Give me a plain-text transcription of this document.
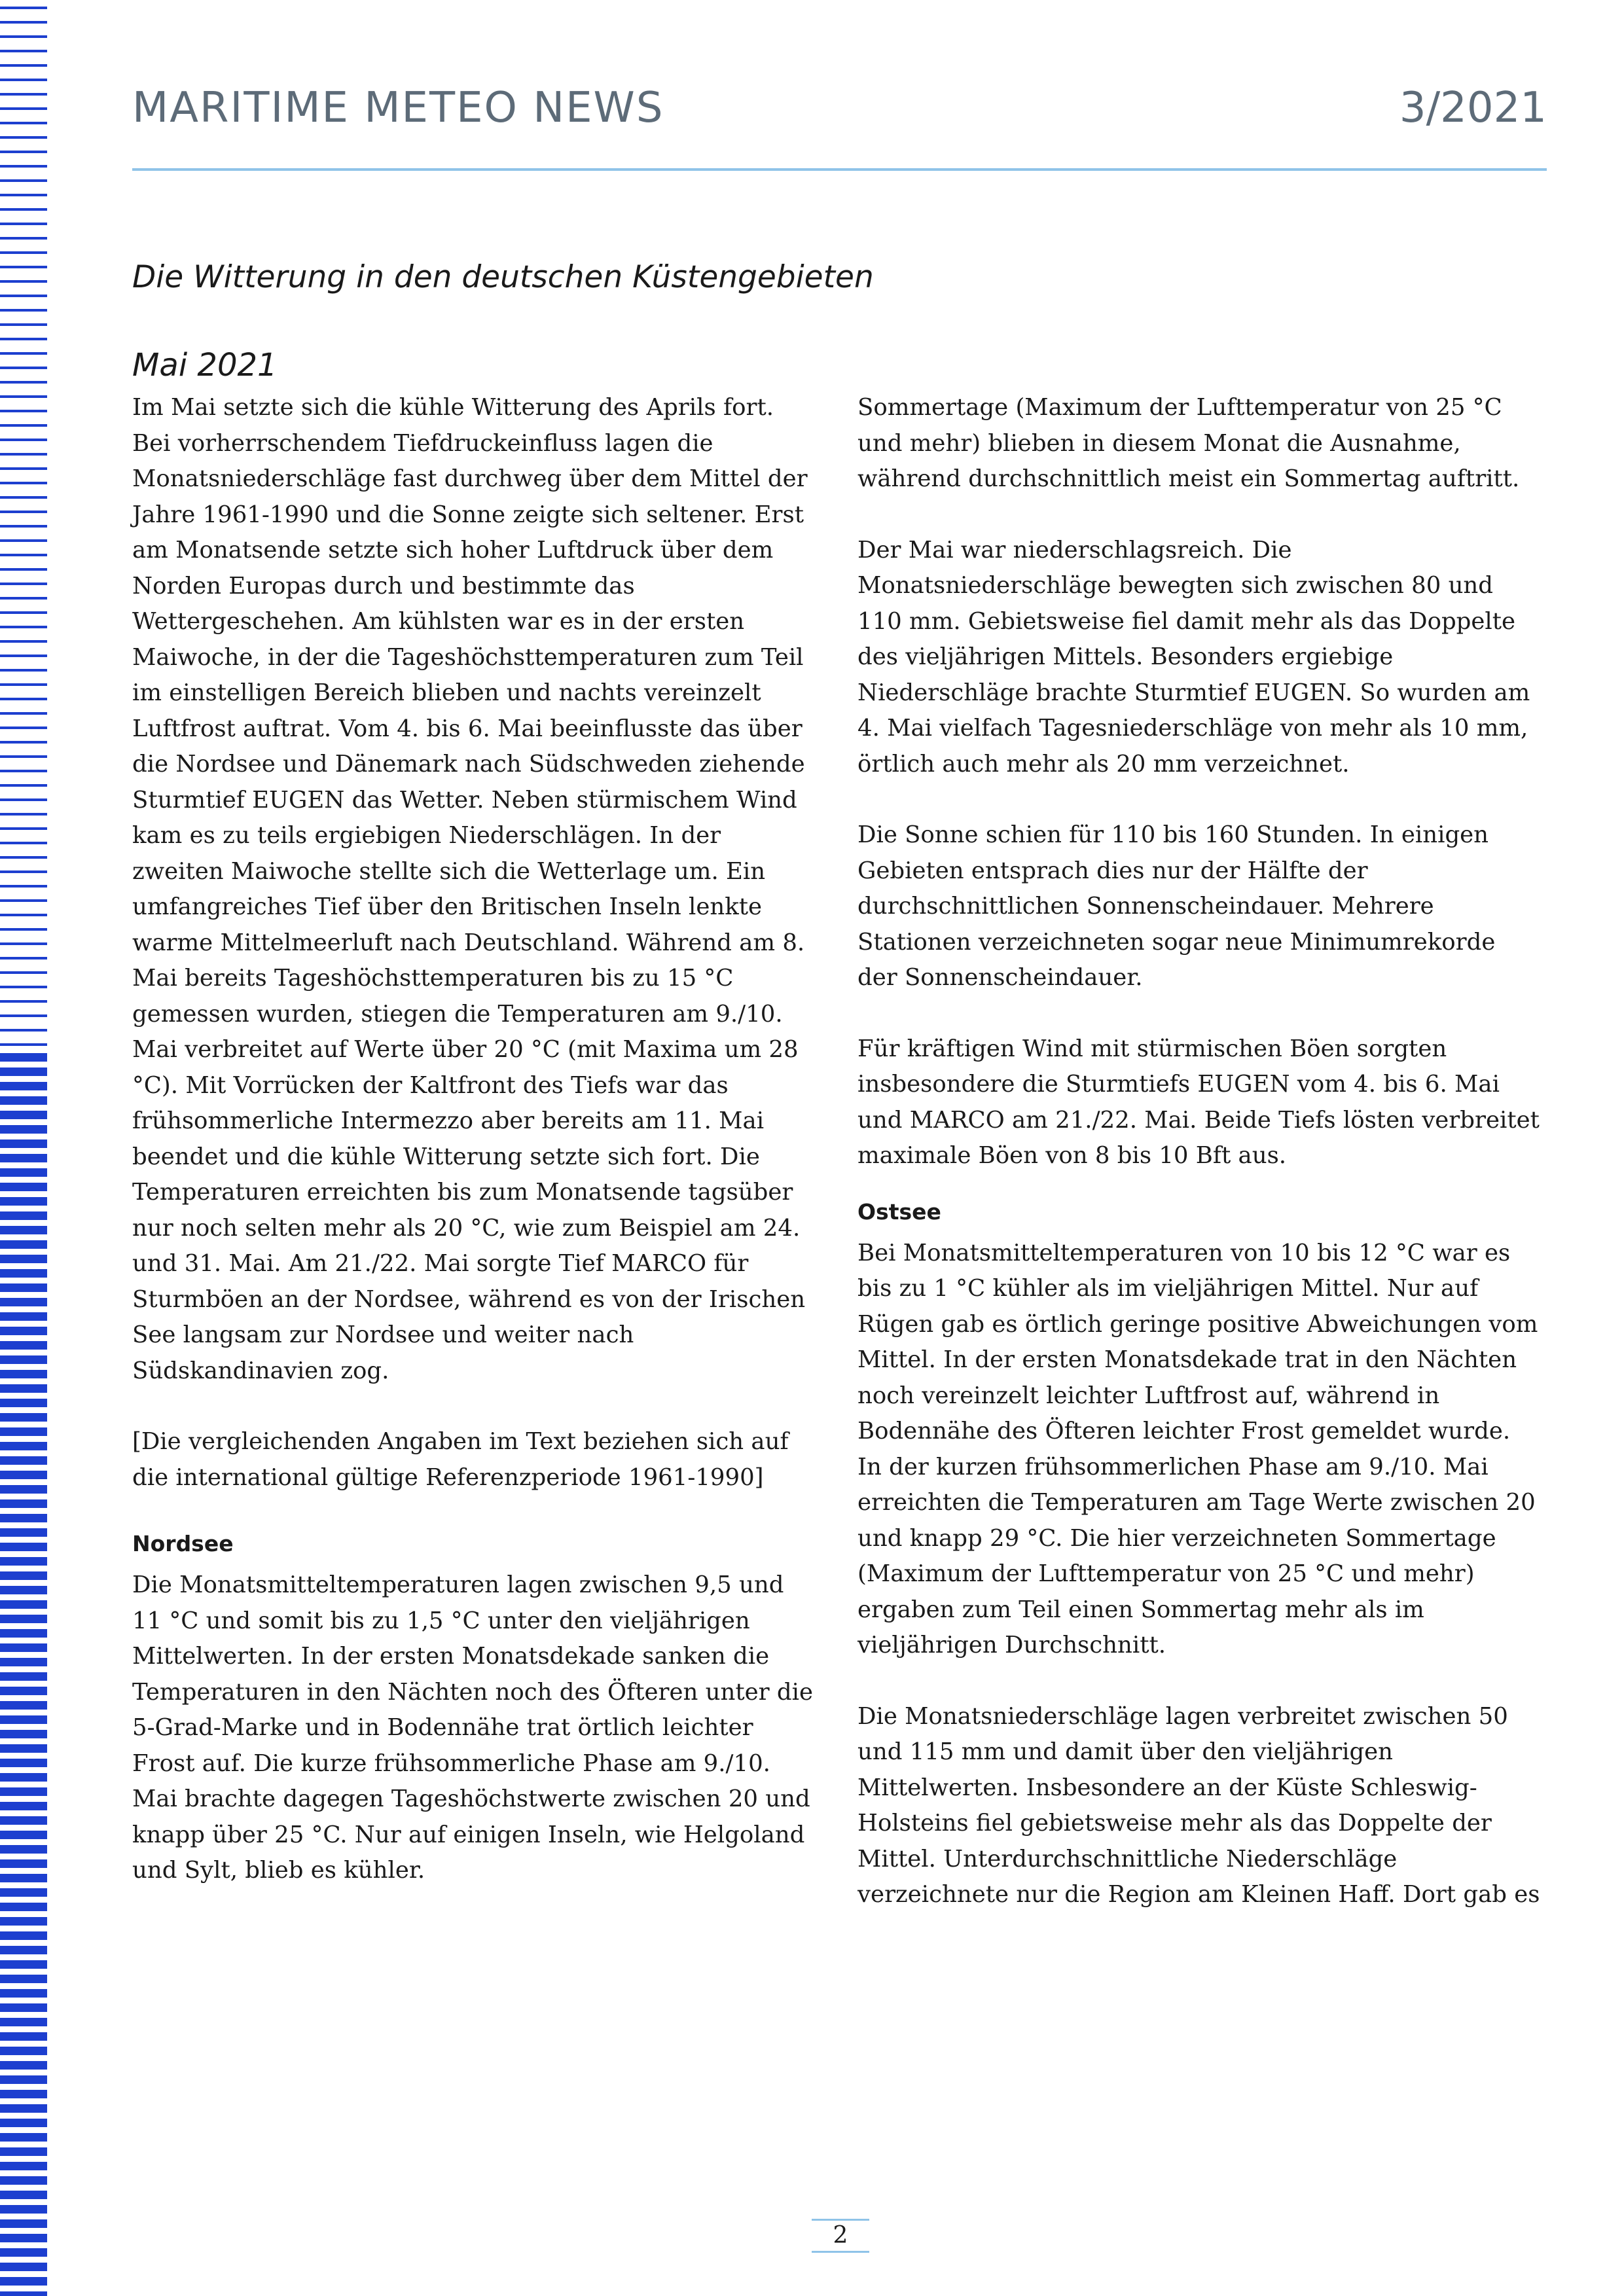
MARITIME METEO NEWS	3/2021
Die Witterung in den deutschen Küstengebieten
Mai 2021

Im Mai setzte sich die kühle Witterung des Aprils fort. Bei vorherrschendem Tiefdruckeinfluss lagen die Monatsniederschläge fast durchweg über dem Mittel der Jahre 1961-1990 und die Sonne zeigte sich seltener. Erst am Monatsende setzte sich hoher Luftdruck über dem Norden Europas durch und bestimmte das Wettergeschehen. Am kühlsten war es in der ersten Maiwoche, in der die Tageshöchsttemperaturen zum Teil im einstelligen Bereich blieben und nachts vereinzelt Luftfrost auftrat. Vom 4. bis 6. Mai beeinflusste das über die Nordsee und Dänemark nach Südschweden ziehende Sturmtief EUGEN das Wetter. Neben stürmischem Wind kam es zu teils ergiebigen Niederschlägen. In der zweiten Maiwoche stellte sich die Wetterlage um. Ein umfangreiches Tief über den Britischen Inseln lenkte warme Mittelmeerluft nach Deutschland. Während am 8. Mai bereits Tageshöchsttemperaturen bis zu 15 °C gemessen wurden, stiegen die Temperaturen am 9./10. Mai verbreitet auf Werte über 20 °C (mit Maxima um 28 °C). Mit Vorrücken der Kaltfront des Tiefs war das frühsommerliche Intermezzo aber bereits am 11. Mai beendet und die kühle Witterung setzte sich fort. Die Temperaturen erreichten bis zum Monatsende tagsüber nur noch selten mehr als 20 °C, wie zum Beispiel am 24. und 31. Mai. Am 21./22. Mai sorgte Tief MARCO für Sturmböen an der Nordsee, während es von der Irischen See langsam zur Nordsee und weiter nach Südskandinavien zog.

[Die vergleichenden Angaben im Text beziehen sich auf die international gültige Referenzperiode 1961-1990]

Nordsee

Die Monatsmitteltemperaturen lagen zwischen 9,5 und 11 °C und somit bis zu 1,5 °C unter den vieljährigen Mittelwerten. In der ersten Monatsdekade sanken die Temperaturen in den Nächten noch des Öfteren unter die 5-Grad-Marke und in Bodennähe trat örtlich leichter Frost auf. Die kurze frühsommerliche Phase am 9./10. Mai brachte dagegen Tageshöchstwerte zwischen 20 und knapp über 25 °C. Nur auf einigen Inseln, wie Helgoland und Sylt, blieb es kühler.

Sommertage (Maximum der Lufttemperatur von 25 °C und mehr) blieben in diesem Monat die Ausnahme, während durchschnittlich meist ein Sommertag auftritt.

Der Mai war niederschlagsreich. Die Monatsniederschläge bewegten sich zwischen 80 und 110 mm. Gebietsweise fiel damit mehr als das Doppelte des vieljährigen Mittels. Besonders ergiebige Niederschläge brachte Sturmtief EUGEN. So wurden am 4. Mai vielfach Tagesniederschläge von mehr als 10 mm, örtlich auch mehr als 20 mm verzeichnet.

Die Sonne schien für 110 bis 160 Stunden. In einigen Gebieten entsprach dies nur der Hälfte der durchschnittlichen Sonnenscheindauer. Mehrere Stationen verzeichneten sogar neue Minimumrekorde der Sonnenscheindauer.

Für kräftigen Wind mit stürmischen Böen sorgten insbesondere die Sturmtiefs EUGEN vom 4. bis 6. Mai und MARCO am 21./22. Mai. Beide Tiefs lösten verbreitet maximale Böen von 8 bis 10 Bft aus.

Ostsee

Bei Monatsmitteltemperaturen von 10 bis 12 °C war es bis zu 1 °C kühler als im vieljährigen Mittel. Nur auf Rügen gab es örtlich geringe positive Abweichungen vom Mittel. In der ersten Monatsdekade trat in den Nächten noch vereinzelt leichter Luftfrost auf, während in Bodennähe des Öfteren leichter Frost gemeldet wurde. In der kurzen frühsommerlichen Phase am 9./10. Mai erreichten die Temperaturen am Tage Werte zwischen 20 und knapp 29 °C. Die hier verzeichneten Sommertage (Maximum der Lufttemperatur von 25 °C und mehr) ergaben zum Teil einen Sommertag mehr als im vieljährigen Durchschnitt.

Die Monatsniederschläge lagen verbreitet zwischen 50 und 115 mm und damit über den vieljährigen Mittelwerten. Insbesondere an der Küste Schleswig-Holsteins fiel gebietsweise mehr als das Doppelte der Mittel. Unterdurchschnittliche Niederschläge verzeichnete nur die Region am Kleinen Haff. Dort gab es

2
